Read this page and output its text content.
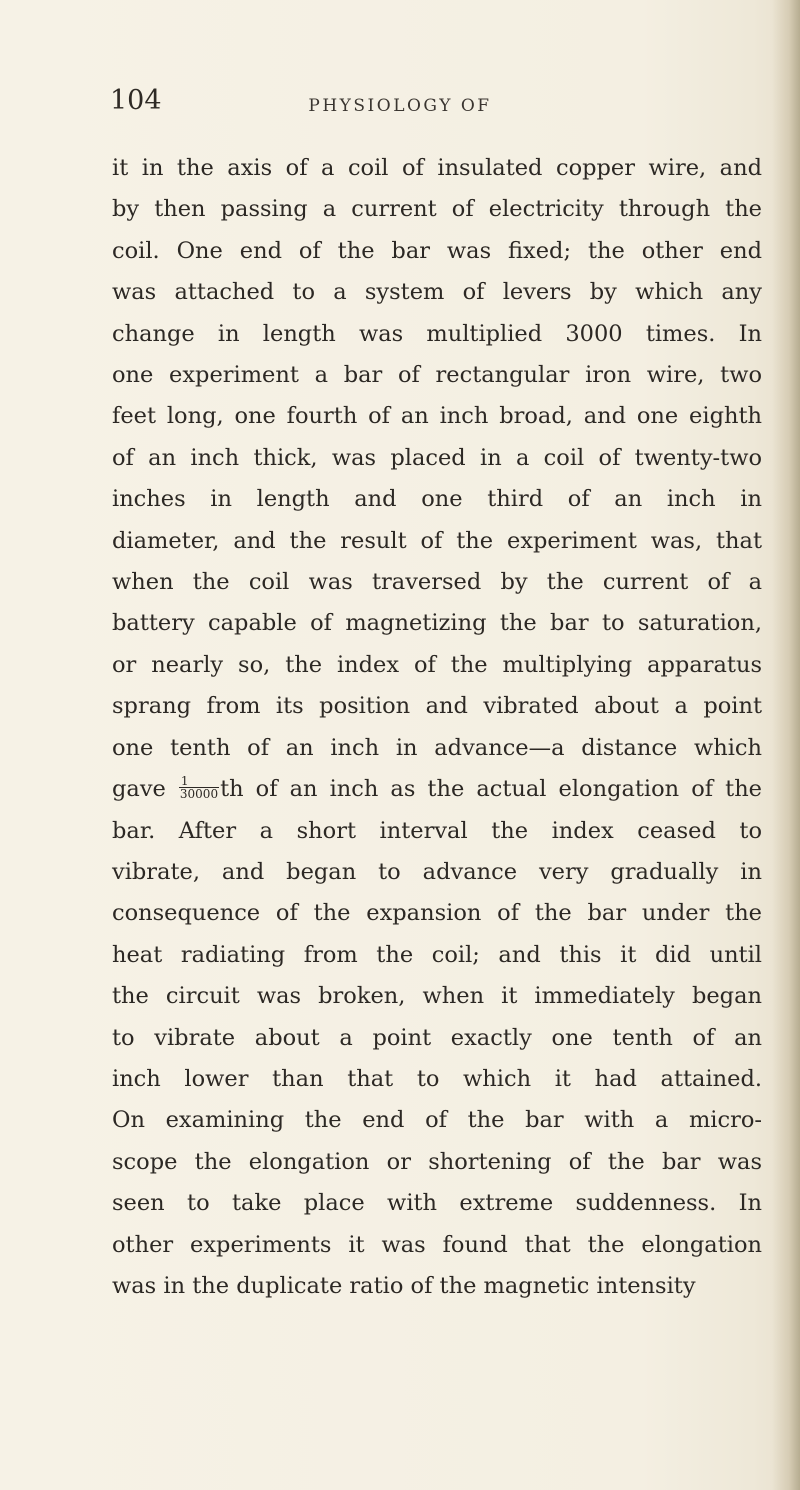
104	PHYSIOLOGY OF
it in the axis of a coil of insulated copper wire, and
by then passing a current of electricity through the
coil. One end of the bar was fixed; the other end
was attached to a system of levers by which any
change in length was multiplied 3000 times. In
one experiment a bar of rectangular iron wire, two
feet long, one fourth of an inch broad, and one eighth
of an inch thick, was placed in a coil of twenty-two
inches in length and one third of an inch in
diameter, and the result of the experiment was, that
when the coil was traversed by the current of a
battery capable of magnetizing the bar to saturation,
or nearly so, the index of the multiplying apparatus
sprang from its position and vibrated about a point
one tenth of an inch in advance—a distance which
gave $\frac{1}{30000}$ th of an inch as the actual elongation of the
bar. After a short interval the index ceased to
vibrate, and began to advance very gradually in
consequence of the expansion of the bar under the
heat radiating from the coil; and this it did until
the circuit was broken, when it immediately began
to vibrate about a point exactly one tenth of an
inch lower than that to which it had attained.
On examining the end of the bar with a micro-
scope the elongation or shortening of the bar was
seen to take place with extreme suddenness. In
other experiments it was found that the elongation
was in the duplicate ratio of the magnetic intensity
